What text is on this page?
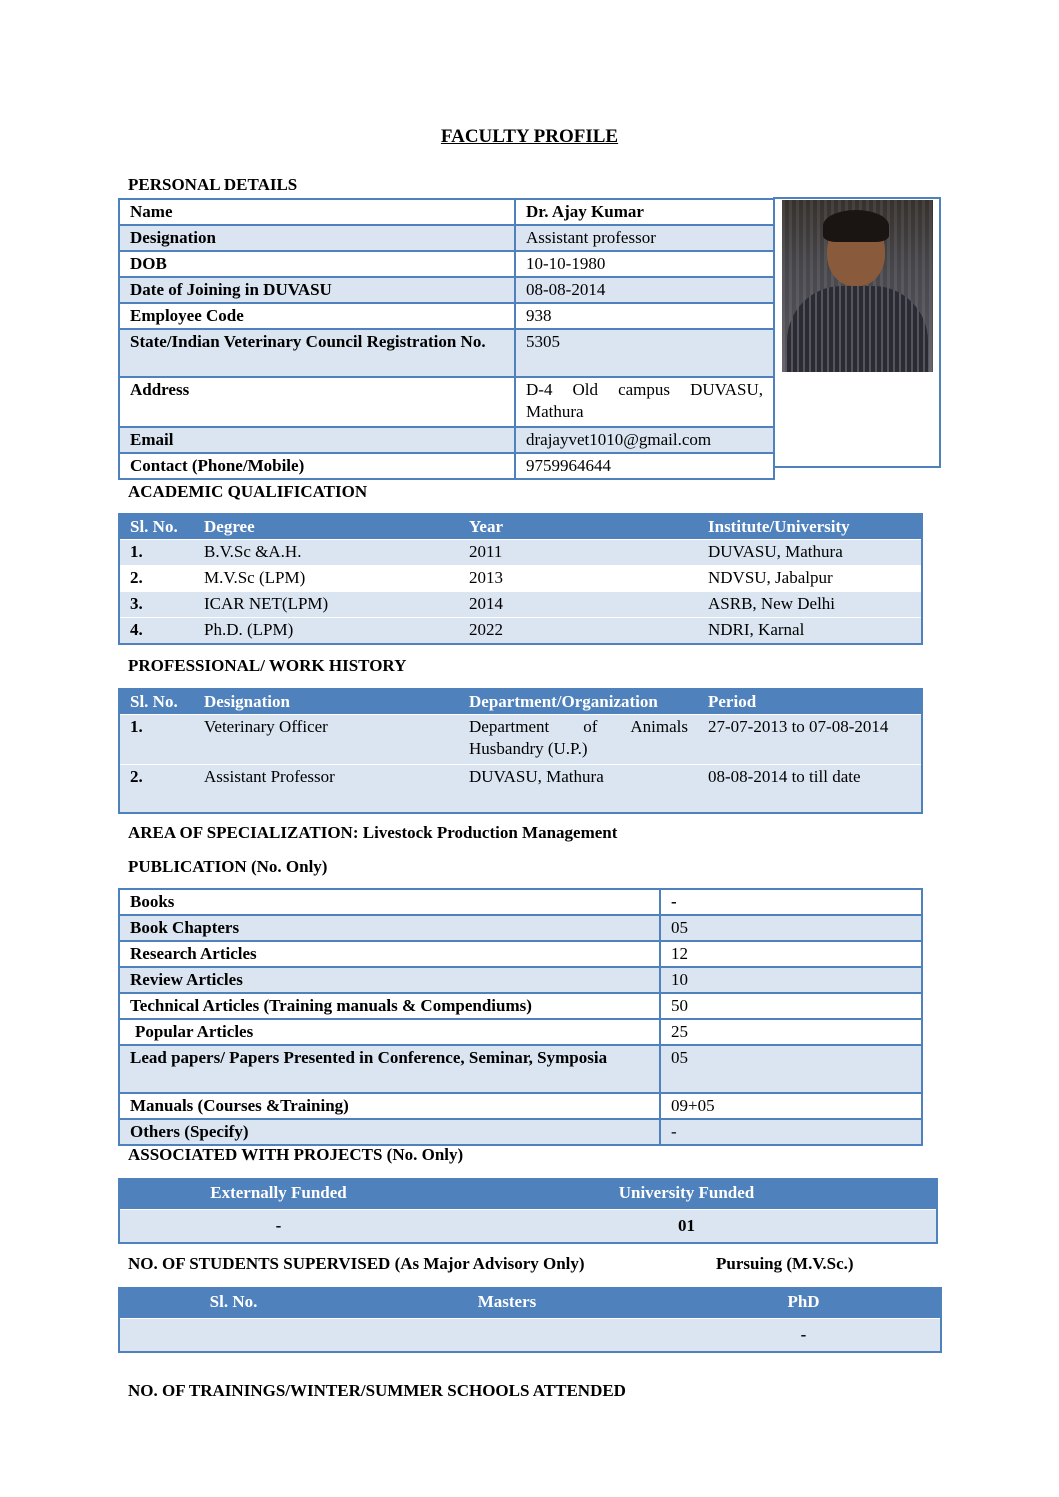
FACULTY PROFILE
PERSONAL DETAILS
Name	Dr. Ajay Kumar
Designation	Assistant professor
DOB	10-10-1980
Date of Joining in DUVASU	08-08-2014
Employee Code	938
State/Indian Veterinary Council Registration No.	5305
Address	D-4 Old campus DUVASU, Mathura
Email	drajayvet1010@gmail.com
Contact (Phone/Mobile)	9759964644
ACADEMIC QUALIFICATION
Sl. No.	Degree	Year	Institute/University
1.	B.V.Sc &A.H.	2011	DUVASU, Mathura
2.	M.V.Sc (LPM)	2013	NDVSU, Jabalpur
3.	ICAR NET(LPM)	2014	ASRB, New Delhi
4.	Ph.D. (LPM)	2022	NDRI, Karnal
PROFESSIONAL/ WORK HISTORY
Sl. No.	Designation	Department/Organization	Period
1.	Veterinary Officer	Department of Animals Husbandry (U.P.)	27-07-2013 to 07-08-2014
2.	Assistant Professor	DUVASU, Mathura	08-08-2014 to till date
AREA OF SPECIALIZATION: Livestock Production Management
PUBLICATION (No. Only)
Books	-
Book Chapters	05
Research Articles	12
Review Articles	10
Technical Articles (Training manuals & Compendiums)	50
Popular Articles	25
Lead papers/ Papers Presented in Conference, Seminar, Symposia	05
Manuals (Courses &Training)	09+05
Others (Specify)	-
ASSOCIATED WITH PROJECTS (No. Only)
Externally Funded	University Funded
-	01
NO. OF STUDENTS SUPERVISED (As Major Advisory Only)	Pursuing (M.V.Sc.)
Sl. No.	Masters	PhD
		-
NO. OF TRAININGS/WINTER/SUMMER SCHOOLS ATTENDED
